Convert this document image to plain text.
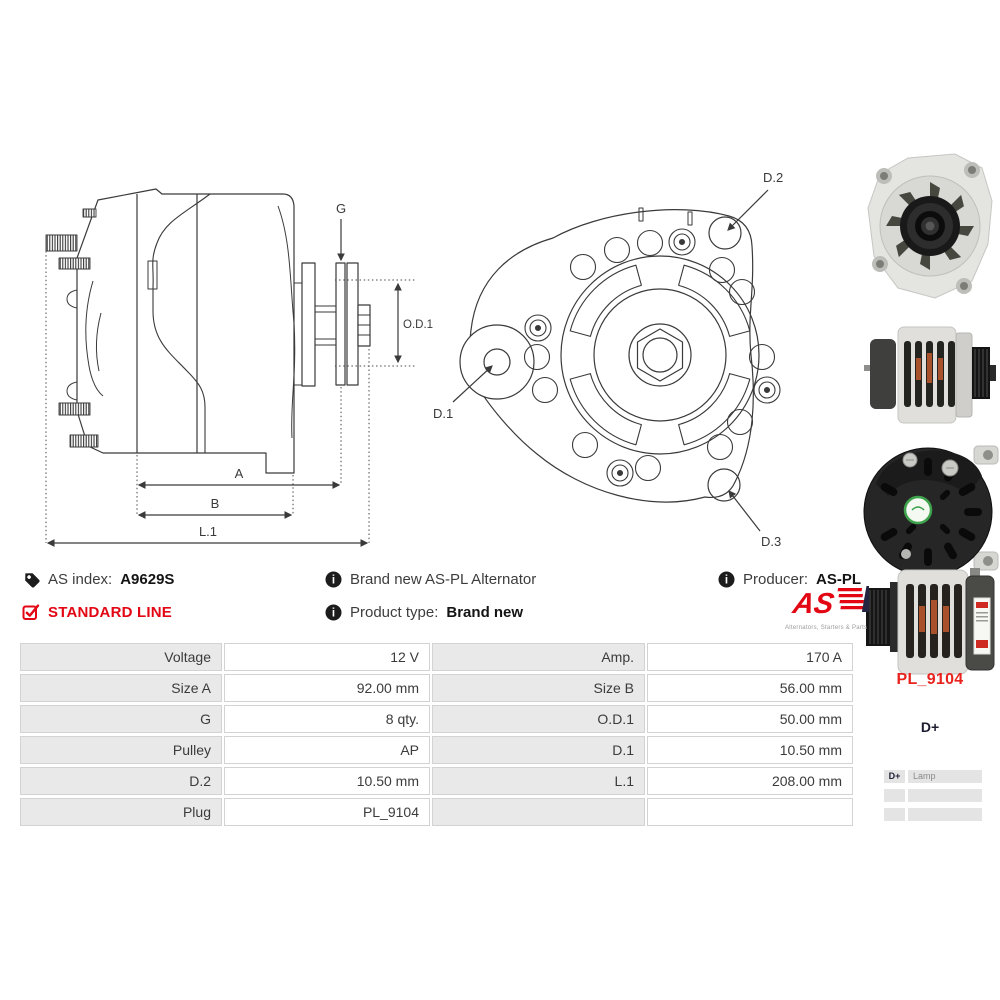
G
O.D.1
A
B
L.1
D.2
D.1
D.3
AS index: A9629S	i Brand new AS-PL Alternator	i Producer: AS-PL
STANDARD LINE	i Product type: Brand new	AS
Alternators, Starters & Parts
Voltage	12 V	Amp.	170 A
Size A	92.00 mm	Size B	56.00 mm
G	8 qty.	O.D.1	50.00 mm
Pulley	AP	D.1	10.50 mm
D.2	10.50 mm	L.1	208.00 mm
Plug	PL_9104
PL_9104
D+
D+	Lamp
